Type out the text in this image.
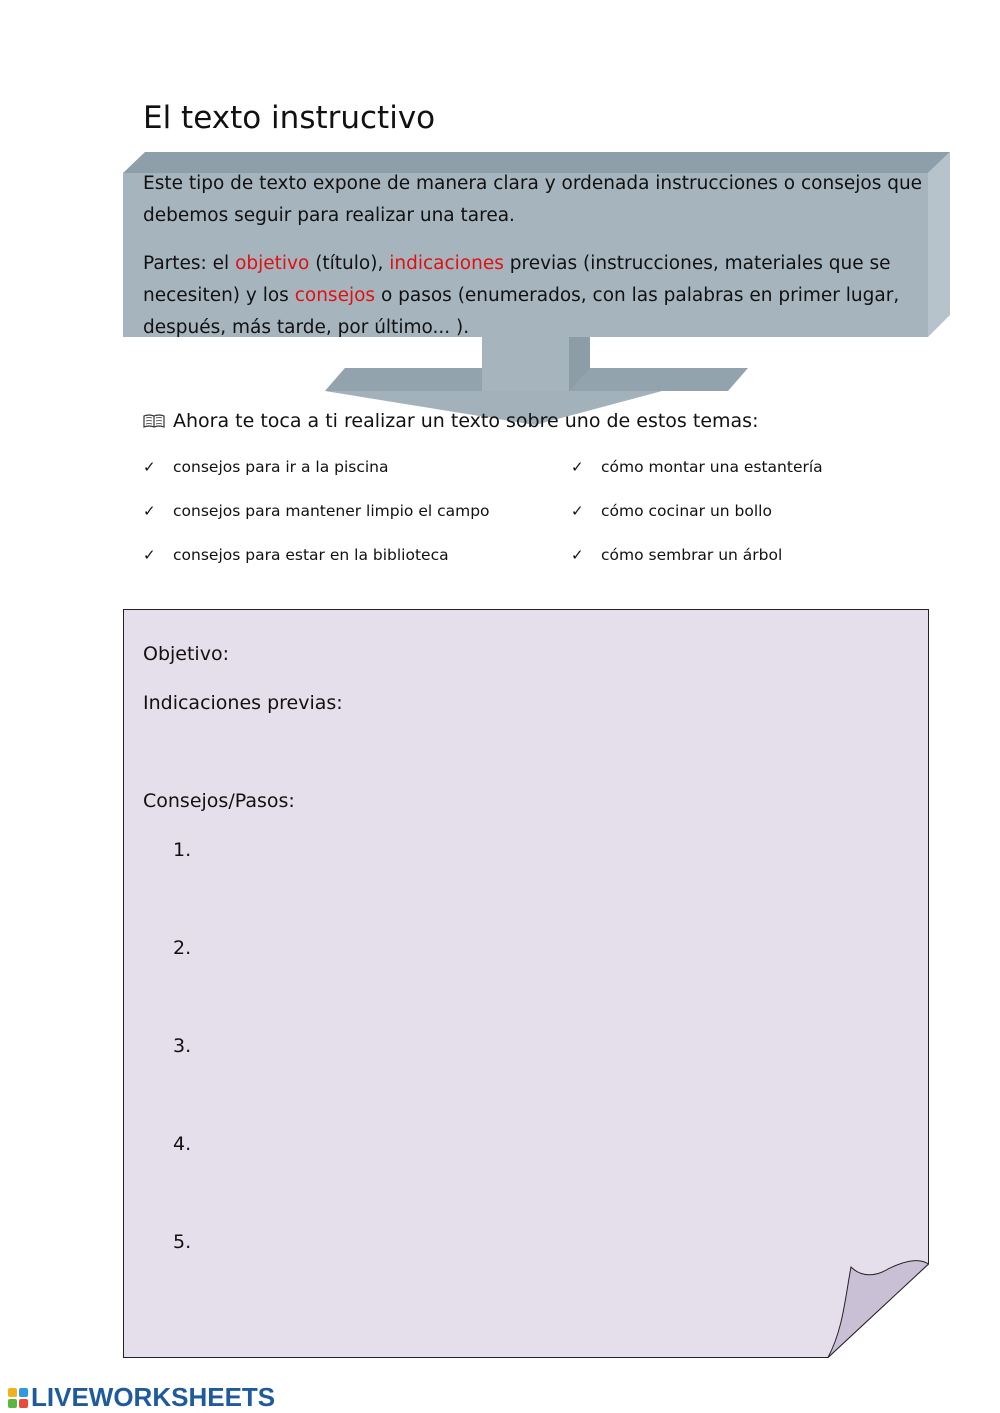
El texto instructivo

Este tipo de texto expone de manera clara y ordenada instrucciones o consejos que debemos seguir para realizar una tarea.

Partes: el objetivo (título), indicaciones previas (instrucciones, materiales que se necesiten) y los consejos o pasos (enumerados, con las palabras en primer lugar, después, más tarde, por último... ).

Ahora te toca a ti realizar un texto sobre uno de estos temas:
✓	consejos para ir a la piscina
✓	consejos para mantener limpio el campo
✓	consejos para estar en la biblioteca
✓	cómo montar una estantería
✓	cómo cocinar un bollo
✓	cómo sembrar un árbol
Objetivo:
Indicaciones previas:
Consejos/Pasos:
1.
2.
3.
4.
5.
LIVEWORKSHEETS
